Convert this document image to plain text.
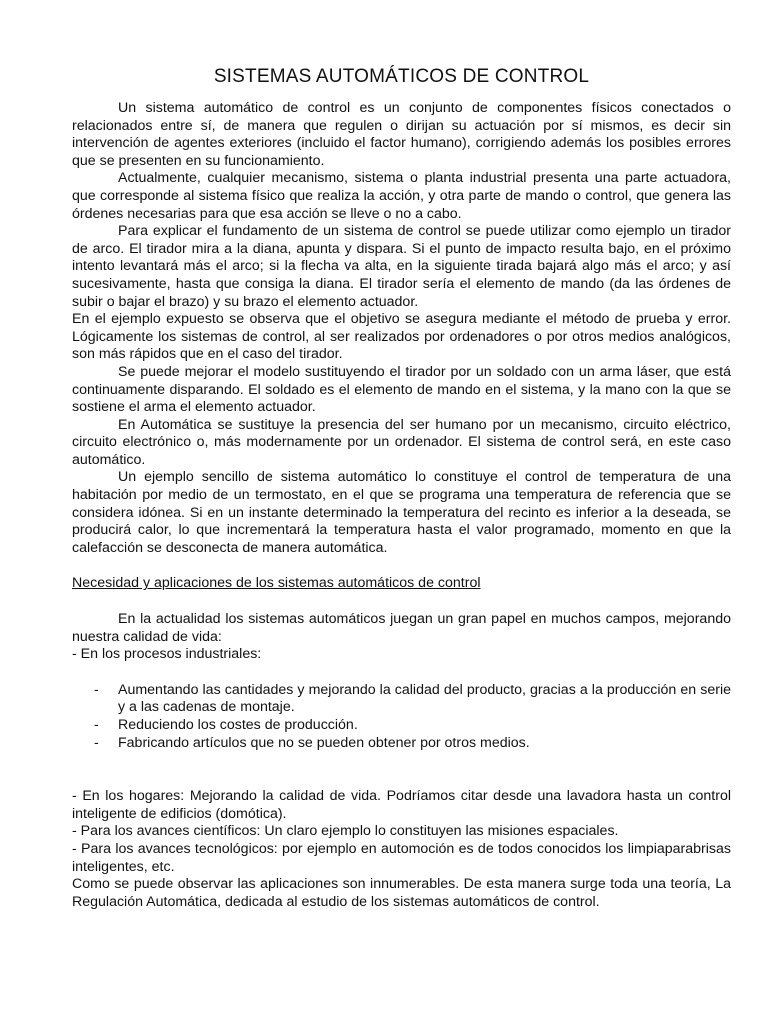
SISTEMAS AUTOMÁTICOS DE CONTROL

Un sistema automático de control es un conjunto de componentes físicos conectados o relacionados entre sí, de manera que regulen o dirijan su actuación por sí mismos, es decir sin intervención de agentes exteriores (incluido el factor humano), corrigiendo además los posibles errores que se presenten en su funcionamiento.

Actualmente, cualquier mecanismo, sistema o planta industrial presenta una parte actuadora, que corresponde al sistema físico que realiza la acción, y otra parte de mando o control, que genera las órdenes necesarias para que esa acción se lleve o no a cabo.

Para explicar el fundamento de un sistema de control se puede utilizar como ejemplo un tirador de arco. El tirador mira a la diana, apunta y dispara. Si el punto de impacto resulta bajo, en el próximo intento levantará más el arco; si la flecha va alta, en la siguiente tirada bajará algo más el arco; y así sucesivamente, hasta que consiga la diana. El tirador sería el elemento de mando (da las órdenes de subir o bajar el brazo) y su brazo el elemento actuador.

En el ejemplo expuesto se observa que el objetivo se asegura mediante el método de prueba y error. Lógicamente los sistemas de control, al ser realizados por ordenadores o por otros medios analógicos, son más rápidos que en el caso del tirador.

Se puede mejorar el modelo sustituyendo el tirador por un soldado con un arma láser, que está continuamente disparando. El soldado es el elemento de mando en el sistema, y la mano con la que se sostiene el arma el elemento actuador.

En Automática se sustituye la presencia del ser humano por un mecanismo, circuito eléctrico, circuito electrónico o, más modernamente por un ordenador. El sistema de control será, en este caso automático.

Un ejemplo sencillo de sistema automático lo constituye el control de temperatura de una habitación por medio de un termostato, en el que se programa una temperatura de referencia que se considera idónea. Si en un instante determinado la temperatura del recinto es inferior a la deseada, se producirá calor, lo que incrementará la temperatura hasta el valor programado, momento en que la calefacción se desconecta de manera automática.

Necesidad y aplicaciones de los sistemas automáticos de control

En la actualidad los sistemas automáticos juegan un gran papel en muchos campos, mejorando nuestra calidad de vida:

- En los procesos industriales:

- Aumentando las cantidades y mejorando la calidad del producto, gracias a la producción en serie y a las cadenas de montaje.
- Reduciendo los costes de producción.
- Fabricando artículos que no se pueden obtener por otros medios.

- En los hogares: Mejorando la calidad de vida. Podríamos citar desde una lavadora hasta un control inteligente de edificios (domótica).

- Para los avances científicos: Un claro ejemplo lo constituyen las misiones espaciales.

- Para los avances tecnológicos: por ejemplo en automoción es de todos conocidos los limpiaparabrisas inteligentes, etc.

Como se puede observar las aplicaciones son innumerables. De esta manera surge toda una teoría, La Regulación Automática, dedicada al estudio de los sistemas automáticos de control.
